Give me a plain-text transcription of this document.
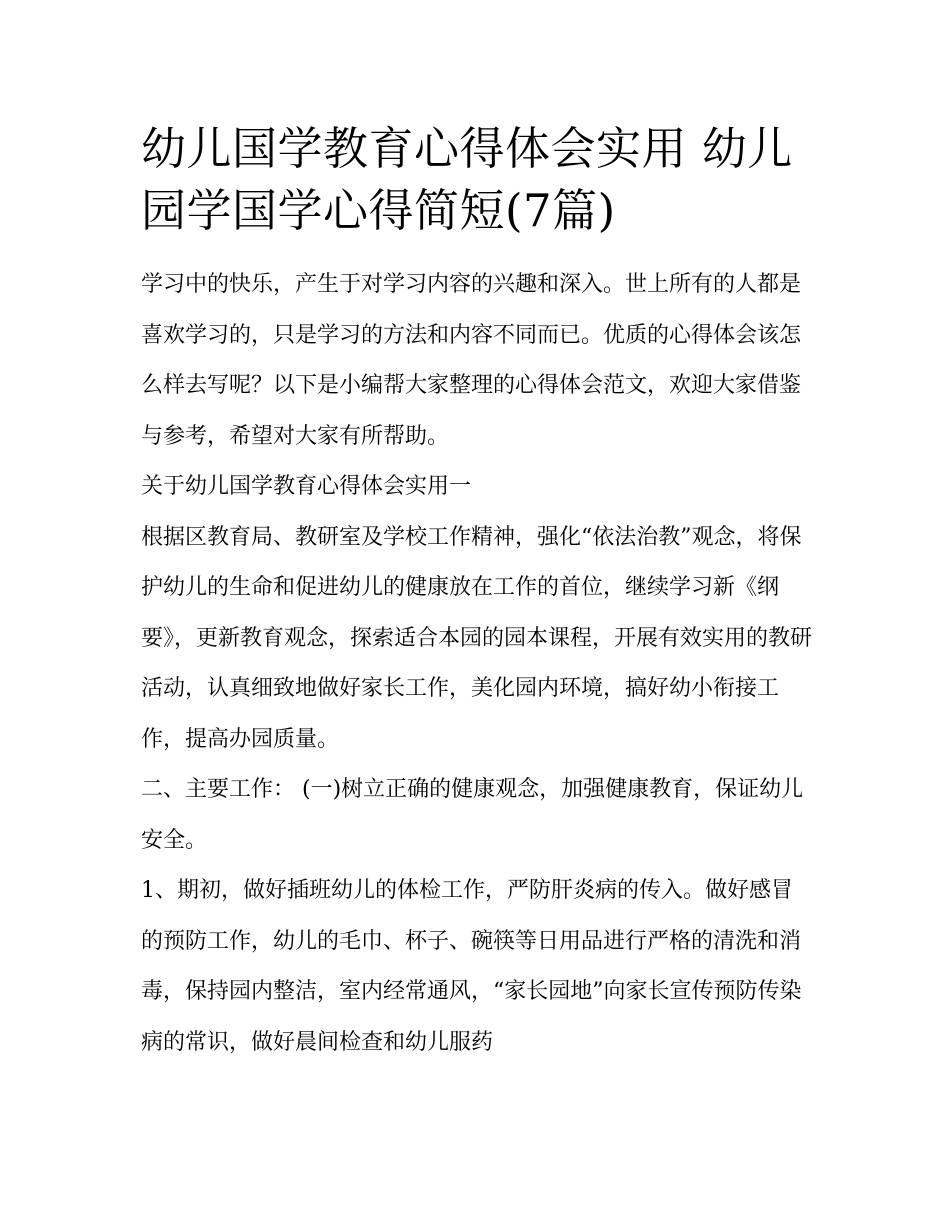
幼儿国学教育心得体会实用 幼儿园学国学心得简短(7篇)

学习中的快乐，产生于对学习内容的兴趣和深入。世上所有的人都是喜欢学习的，只是学习的方法和内容不同而已。优质的心得体会该怎么样去写呢？以下是小编帮大家整理的心得体会范文，欢迎大家借鉴与参考，希望对大家有所帮助。

关于幼儿国学教育心得体会实用一

根据区教育局、教研室及学校工作精神，强化“依法治教”观念，将保护幼儿的生命和促进幼儿的健康放在工作的首位，继续学习新《纲要》，更新教育观念，探索适合本园的园本课程，开展有效实用的教研活动，认真细致地做好家长工作，美化园内环境，搞好幼小衔接工作，提高办园质量。

二、主要工作： (一)树立正确的健康观念，加强健康教育，保证幼儿安全。

1、期初，做好插班幼儿的体检工作，严防肝炎病的传入。做好感冒的预防工作，幼儿的毛巾、杯子、碗筷等日用品进行严格的清洗和消毒，保持园内整洁，室内经常通风，“家长园地”向家长宣传预防传染病的常识，做好晨间检查和幼儿服药
